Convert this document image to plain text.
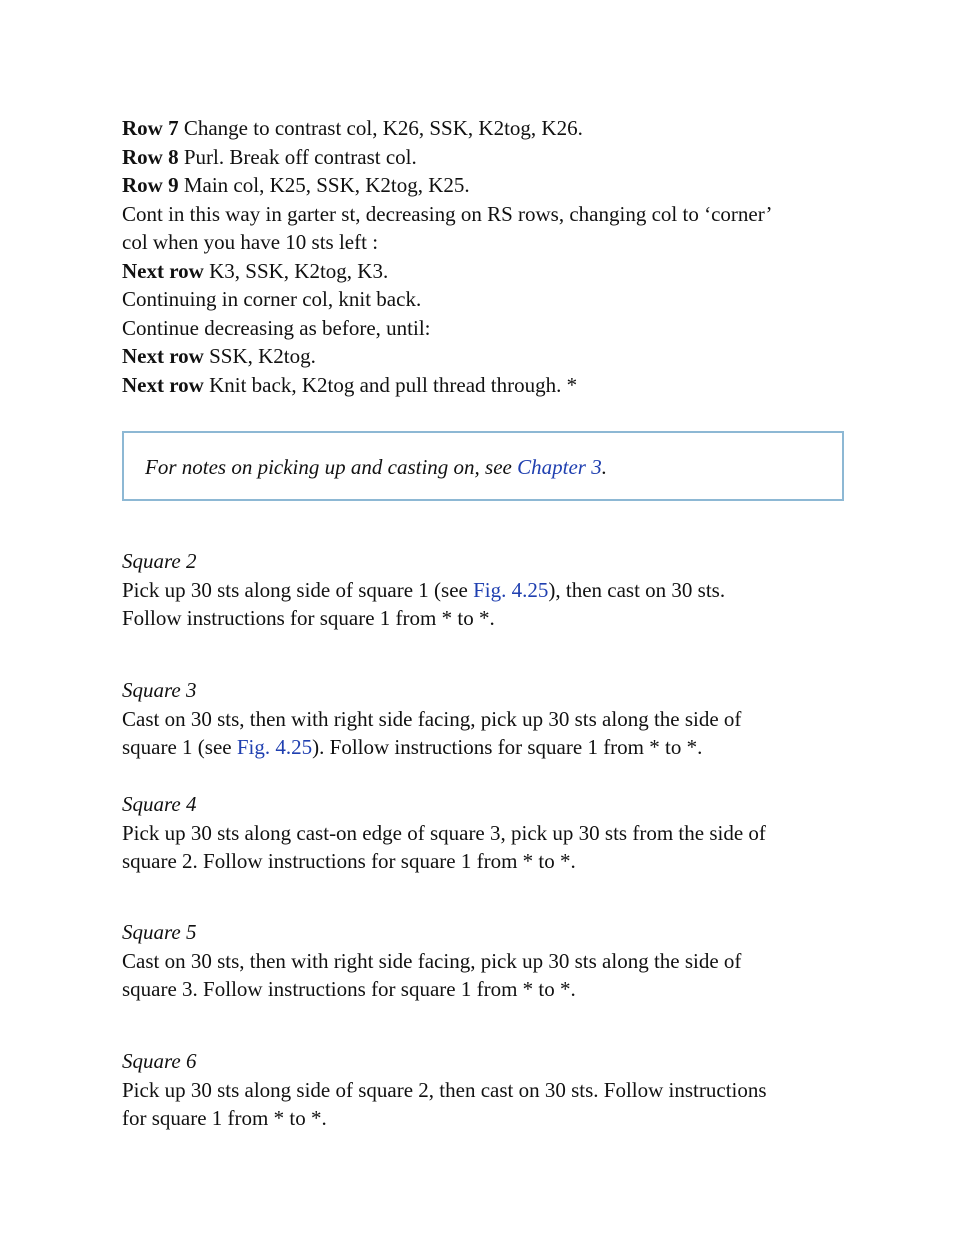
Row 7 Change to contrast col, K26, SSK, K2tog, K26.
Row 8 Purl. Break off contrast col.
Row 9 Main col, K25, SSK, K2tog, K25.
Cont in this way in garter st, decreasing on RS rows, changing col to ‘corner’
col when you have 10 sts left :
Next row K3, SSK, K2tog, K3.
Continuing in corner col, knit back.
Continue decreasing as before, until:
Next row SSK, K2tog.
Next row Knit back, K2tog and pull thread through. *
For notes on picking up and casting on, see Chapter 3.
Square 2
Pick up 30 sts along side of square 1 (see Fig. 4.25), then cast on 30 sts.
Follow instructions for square 1 from * to *.
Square 3
Cast on 30 sts, then with right side facing, pick up 30 sts along the side of
square 1 (see Fig. 4.25). Follow instructions for square 1 from * to *.
Square 4
Pick up 30 sts along cast-on edge of square 3, pick up 30 sts from the side of
square 2. Follow instructions for square 1 from * to *.
Square 5
Cast on 30 sts, then with right side facing, pick up 30 sts along the side of
square 3. Follow instructions for square 1 from * to *.
Square 6
Pick up 30 sts along side of square 2, then cast on 30 sts. Follow instructions
for square 1 from * to *.
